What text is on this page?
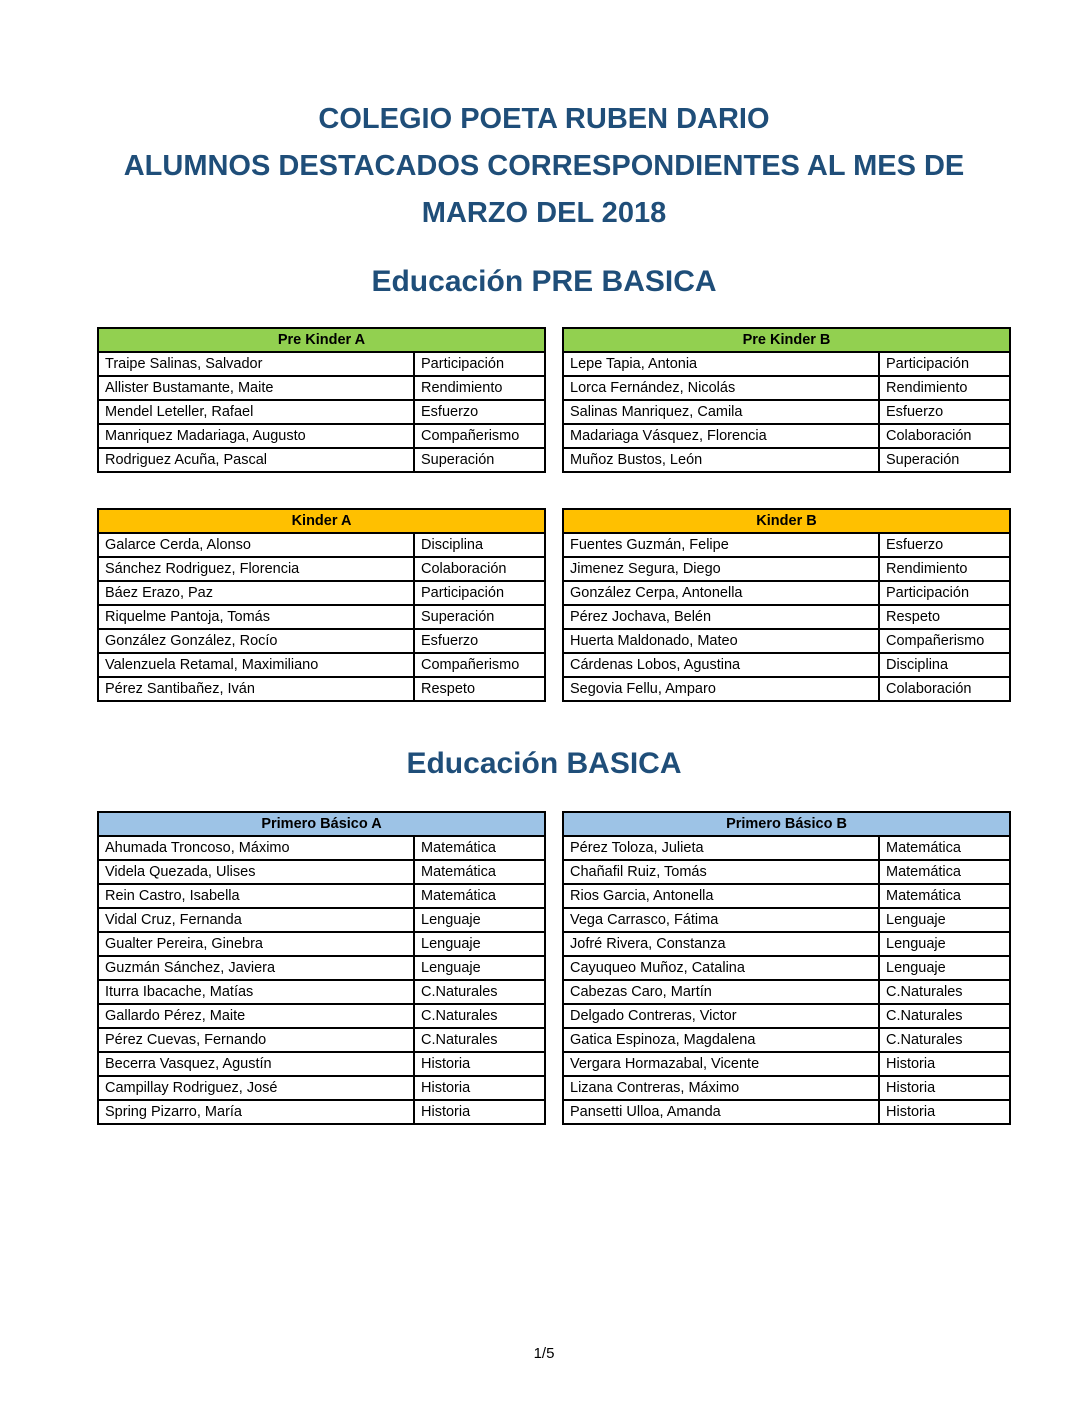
COLEGIO POETA RUBEN DARIO
ALUMNOS DESTACADOS CORRESPONDIENTES AL MES DE
MARZO DEL 2018
Educación PRE BASICA
Pre Kinder A	
Traipe Salinas, Salvador	Participación
Allister Bustamante, Maite	Rendimiento
Mendel Leteller, Rafael	Esfuerzo
Manriquez Madariaga, Augusto	Compañerismo
Rodriguez Acuña, Pascal	Superación
Pre Kinder B	
Lepe Tapia, Antonia	Participación
Lorca Fernández, Nicolás	Rendimiento
Salinas Manriquez, Camila	Esfuerzo
Madariaga Vásquez, Florencia	Colaboración
Muñoz Bustos, León	Superación
Kinder A	
Galarce Cerda, Alonso	Disciplina
Sánchez Rodriguez, Florencia	Colaboración
Báez Erazo, Paz	Participación
Riquelme Pantoja, Tomás	Superación
González González, Rocío	Esfuerzo
Valenzuela Retamal, Maximiliano	Compañerismo
Pérez Santibañez, Iván	Respeto
Kinder B	
Fuentes Guzmán, Felipe	Esfuerzo
Jimenez Segura, Diego	Rendimiento
González Cerpa, Antonella	Participación
Pérez Jochava, Belén	Respeto
Huerta Maldonado, Mateo	Compañerismo
Cárdenas Lobos, Agustina	Disciplina
Segovia Fellu, Amparo	Colaboración
Educación BASICA
Primero Básico A	
Ahumada Troncoso, Máximo	Matemática
Videla Quezada, Ulises	Matemática
Rein Castro, Isabella	Matemática
Vidal Cruz, Fernanda	Lenguaje
Gualter Pereira, Ginebra	Lenguaje
Guzmán Sánchez, Javiera	Lenguaje
Iturra Ibacache, Matías	C.Naturales
Gallardo Pérez, Maite	C.Naturales
Pérez Cuevas, Fernando	C.Naturales
Becerra Vasquez, Agustín	Historia
Campillay Rodriguez, José	Historia
Spring Pizarro, María	Historia
Primero Básico B	
Pérez Toloza, Julieta	Matemática
Chañafil Ruiz, Tomás	Matemática
Rios Garcia, Antonella	Matemática
Vega Carrasco, Fátima	Lenguaje
Jofré Rivera, Constanza	Lenguaje
Cayuqueo Muñoz, Catalina	Lenguaje
Cabezas Caro, Martín	C.Naturales
Delgado Contreras, Victor	C.Naturales
Gatica Espinoza, Magdalena	C.Naturales
Vergara Hormazabal, Vicente	Historia
Lizana Contreras, Máximo	Historia
Pansetti Ulloa, Amanda	Historia
1/5
